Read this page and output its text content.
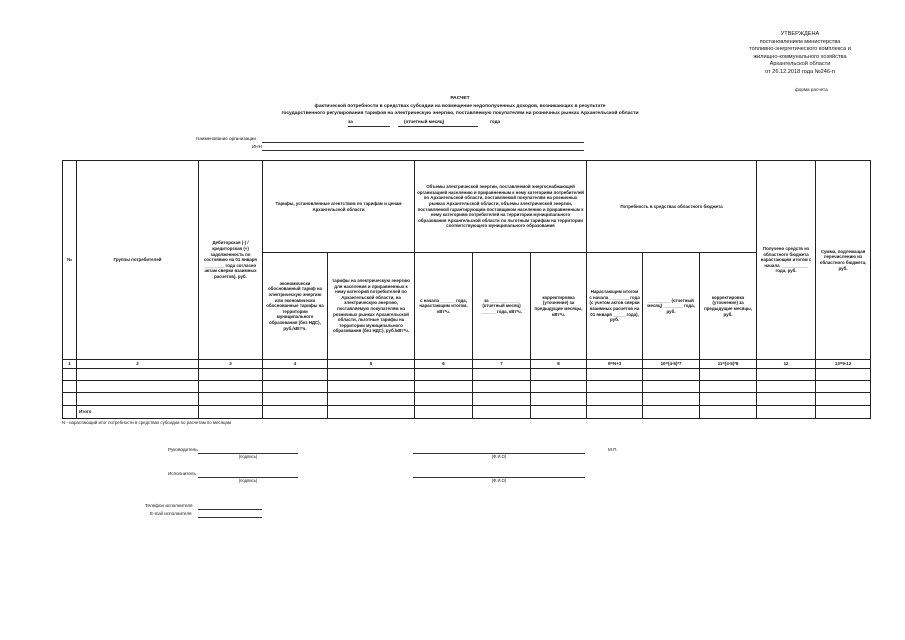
УТВЕРЖДЕНА
постановлением министерства
топливно-энергетического комплекса и
жилищно-коммунального хозяйства
Архангельской области
от 26.12.2018 года №246-п
форма расчета
РАСЧЕТ
фактической потребности в средствах субсидии на возмещение недополученных доходов, возникающих в результате
государственного регулирования тарифов на электрическую энергию, поставляемую покупателям на розничных рынках Архангельской области
за	(отчетный месяц)	года
Наименование организации
ИНН
№	Группы потребителей	Дебиторская (-) / кредиторская (+) задолженность по состоянию на 01 января ________ года согласно актам сверки взаимных расчетов), руб.	Тарифы, установленные агентством по тарифам и ценам Архангельской области		Объемы электрической энергии, поставляемой энергоснабжающей организацией населению и приравненным к нему категориям потребителей по Архангельской области, поставляемой покупателям на розничных рынках Архангельской области, объемы электрической энергии, поставляемой гарантирующим поставщиком населению и приравненным к нему категориям потребителей на территории муниципального образования Архангельской области по льготным тарифам на территории соответствующего муниципального образования			Потребность в средствах областного бюджета			Получено средств из областного бюджета нарастающим итогом с начала ___________ года, руб.	Сумма, подлежащая перечислению из областного бюджета, руб.
			экономически обоснованный тариф на электрическую энергию или экономически обоснованные тарифы на территории муниципального образования (без НДС), руб./кВт*ч.	тарифы на электрическую энергию для населения и приравненных к нему категорий потребителей по Архангельской области, на электрическую энергию, поставляемую покупателям на розничных рынках Архангельской области, льготные тарифы на территории муниципального образования (без НДС), руб./кВт*ч.	с начала ______ года, нарастающим итогом, кВт*ч.	за ____________ (отчетный месяц) ______ года, кВт*ч.	корректировка (уточнение) за предыдущие месяцы, кВт*ч.	Нарастающим итогом с начала ________ года (с учетом актов сверки взаимных расчетов на 01 января _____ года), руб.	_________ (отчетный месяц) ________ года, руб.	корректировка (уточнение) за предыдущие месяцы, руб.		
1	2	3	4	5	6	7	8	9=N+3	10=(4-5)*7	11=(4-5)*8	12	13=9-12

	Итого											
N - нарастающий итог потребности в средствах субсидии по расчетам по месяцам
Руководитель
(подпись)	(Ф.И.О)
М.П.
Исполнитель
(подпись)	(Ф.И.О)
Телефон исполнителя
E-mail исполнителя
